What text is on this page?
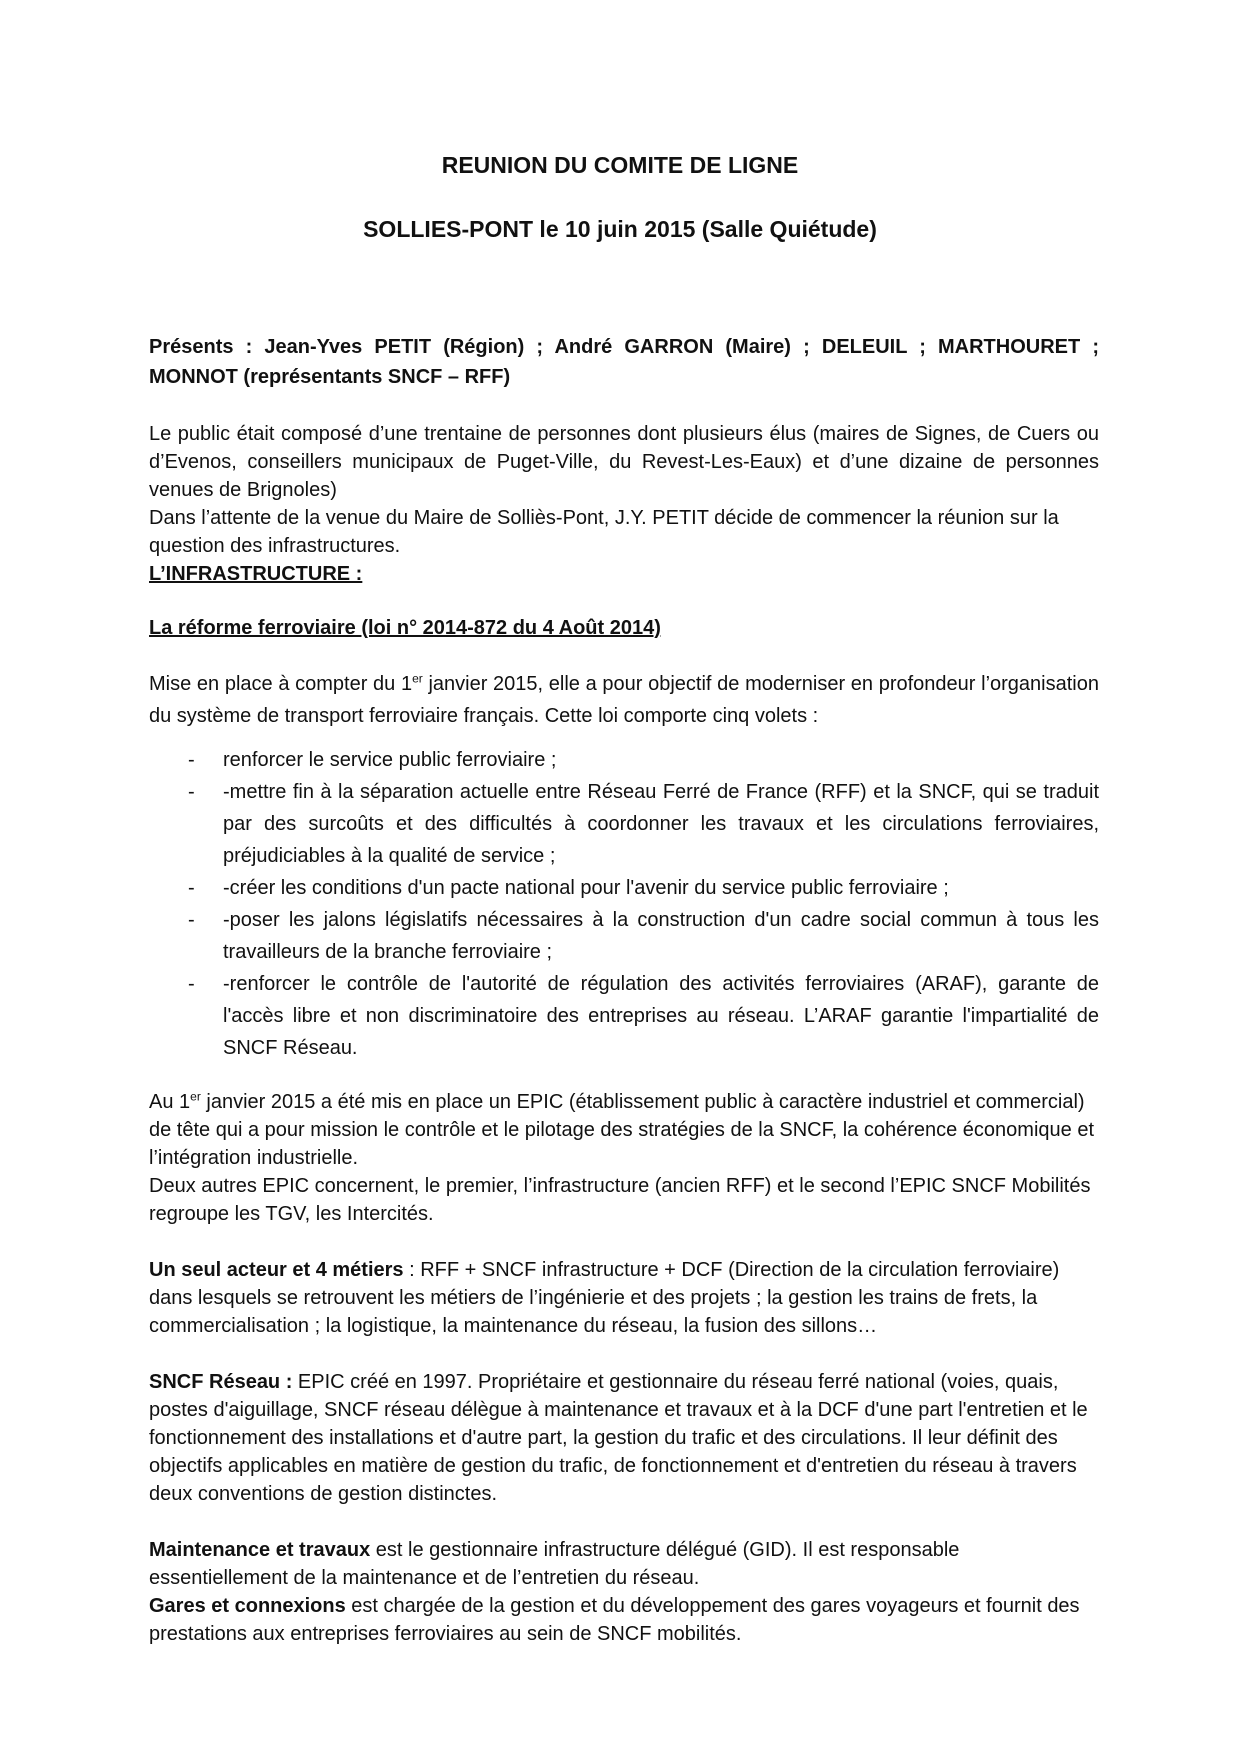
REUNION DU COMITE DE LIGNE
SOLLIES-PONT le 10 juin 2015 (Salle Quiétude)

Présents : Jean-Yves PETIT (Région) ; André GARRON (Maire) ; DELEUIL ; MARTHOURET ; MONNOT (représentants SNCF – RFF)

Le public était composé d’une trentaine de personnes dont plusieurs élus (maires de Signes, de Cuers ou d’Evenos, conseillers municipaux de Puget-Ville, du Revest-Les-Eaux) et d’une dizaine de personnes venues de Brignoles)

Dans l’attente de la venue du Maire de Solliès-Pont, J.Y. PETIT décide de commencer la réunion sur la question des infrastructures.

L’INFRASTRUCTURE :

La réforme ferroviaire (loi n° 2014-872 du 4 Août 2014)

Mise en place à compter du 1er janvier 2015, elle a pour objectif de moderniser en profondeur l’organisation du système de transport ferroviaire français. Cette loi comporte cinq volets :

- renforcer le service public ferroviaire ;
- -mettre fin à la séparation actuelle entre Réseau Ferré de France (RFF) et la SNCF, qui se traduit par des surcoûts et des difficultés à coordonner les travaux et les circulations ferroviaires, préjudiciables à la qualité de service ;
- -créer les conditions d'un pacte national pour l'avenir du service public ferroviaire ;
- -poser les jalons législatifs nécessaires à la construction d'un cadre social commun à tous les travailleurs de la branche ferroviaire ;
- -renforcer le contrôle de l'autorité de régulation des activités ferroviaires (ARAF), garante de l'accès libre et non discriminatoire des entreprises au réseau. L’ARAF garantie l'impartialité de SNCF Réseau.

Au 1er janvier 2015 a été mis en place un EPIC (établissement public à caractère industriel et commercial) de tête qui a pour mission le contrôle et le pilotage des stratégies de la SNCF, la cohérence économique et l’intégration industrielle.

Deux autres EPIC concernent, le premier, l’infrastructure (ancien RFF) et le second l’EPIC SNCF Mobilités regroupe les TGV, les Intercités.

Un seul acteur et 4 métiers : RFF + SNCF infrastructure + DCF (Direction de la circulation ferroviaire) dans lesquels se retrouvent les métiers de l’ingénierie et des projets ; la gestion les trains de frets, la commercialisation ; la logistique, la maintenance du réseau, la fusion des sillons…

SNCF Réseau : EPIC créé en 1997. Propriétaire et gestionnaire du réseau ferré national (voies, quais, postes d'aiguillage, SNCF réseau délègue à maintenance et travaux et à la DCF d'une part l'entretien et le fonctionnement des installations et d'autre part, la gestion du trafic et des circulations. Il leur définit des objectifs applicables en matière de gestion du trafic, de fonctionnement et d'entretien du réseau à travers deux conventions de gestion distinctes.

Maintenance et travaux est le gestionnaire infrastructure délégué (GID). Il est responsable essentiellement de la maintenance et de l’entretien du réseau.

Gares et connexions est chargée de la gestion et du développement des gares voyageurs et fournit des prestations aux entreprises ferroviaires au sein de SNCF mobilités.
